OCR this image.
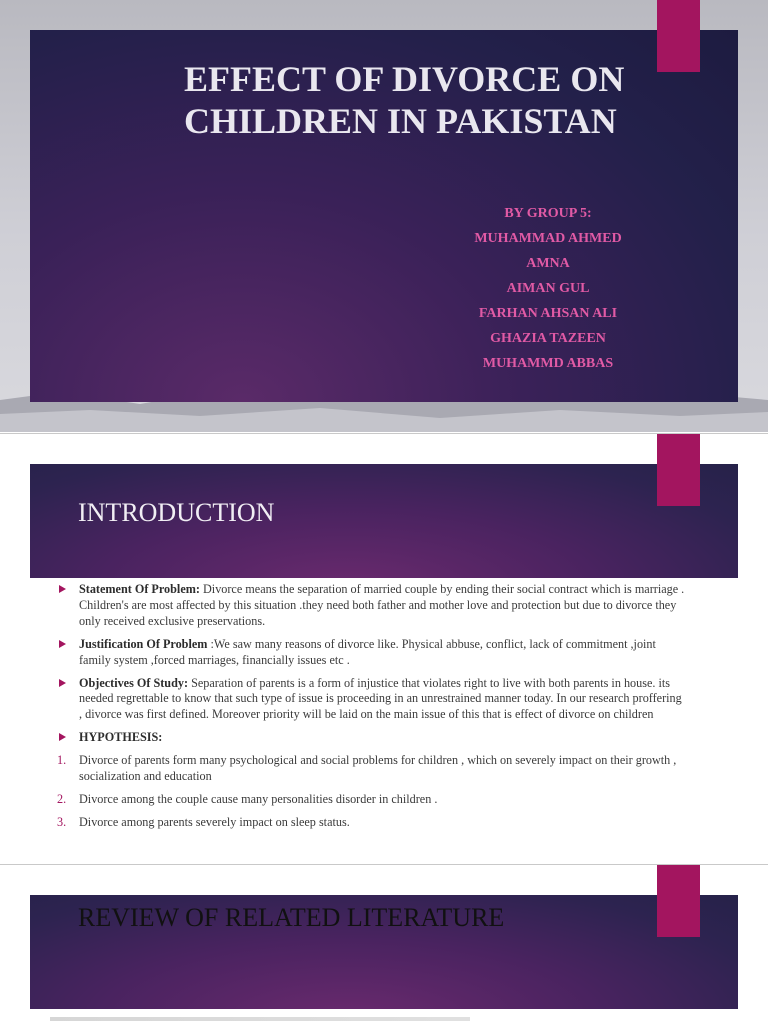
EFFECT OF DIVORCE ON CHILDREN IN PAKISTAN
BY GROUP 5:
MUHAMMAD AHMED
AMNA
AIMAN GUL
FARHAN AHSAN ALI
GHAZIA TAZEEN
MUHAMMD ABBAS
INTRODUCTION
Statement Of Problem: Divorce means the separation of married couple by ending their social contract which is marriage . Children's are most affected by this situation .they need both father and mother love and protection but due to divorce they only received exclusive preservations.
Justification Of Problem :We saw many reasons of divorce like. Physical abbuse, conflict, lack of commitment ,joint family system ,forced marriages, financially issues etc .
Objectives Of Study: Separation of parents is a form of injustice that violates right to live with both parents in house. its needed regrettable to know that such type of issue is proceeding in an unrestrained manner today. In our research proffering , divorce was first defined. Moreover priority will be laid on the main issue of this that is effect of divorce on children
HYPOTHESIS:
1. Divorce of parents form many psychological and social problems for children , which on severely impact on their growth , socialization and education
2. Divorce among the couple cause many personalities disorder in children .
3. Divorce among parents severely impact on sleep status.
REVIEW OF RELATED LITERATURE
